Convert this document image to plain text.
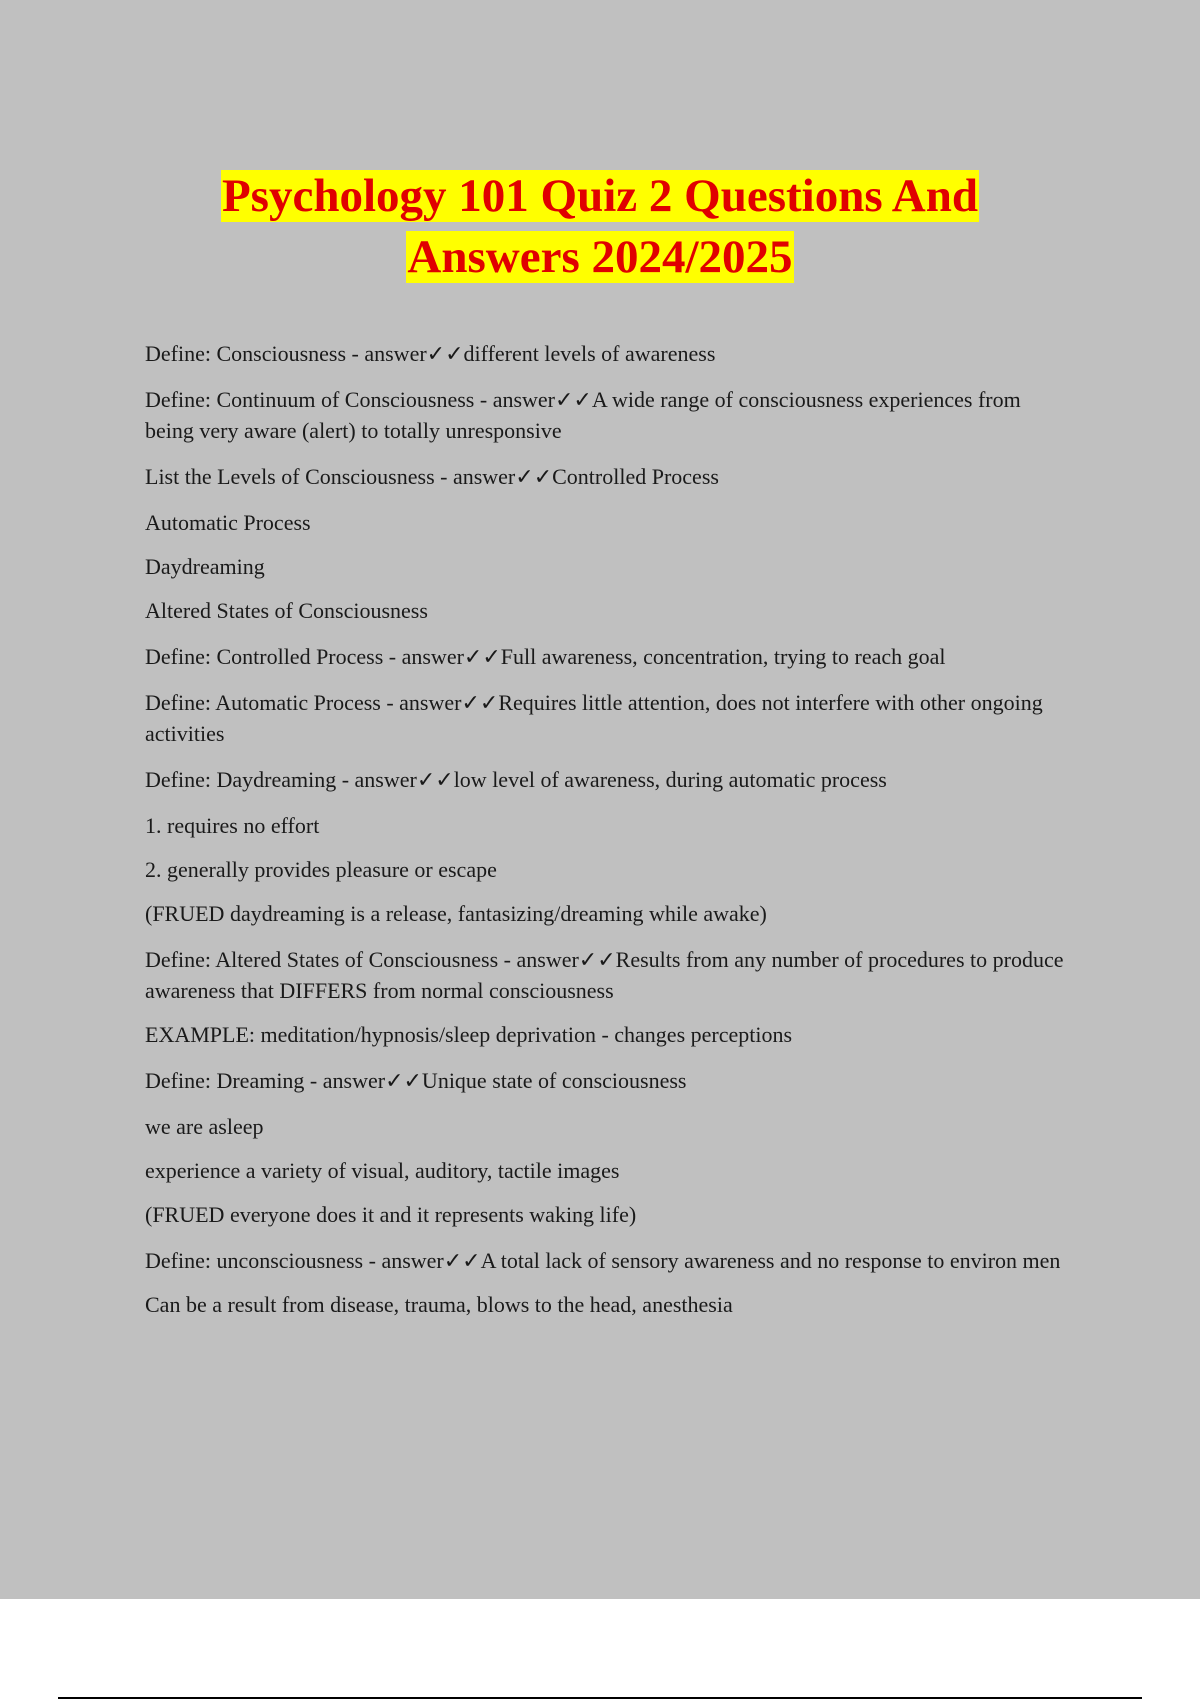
Psychology 101 Quiz 2 Questions And
Answers 2024/2025

Define: Consciousness - answer✓✓different levels of awareness

Define: Continuum of Consciousness - answer✓✓A wide range of consciousness experiences from being very aware (alert) to totally unresponsive

List the Levels of Consciousness - answer✓✓Controlled Process

Automatic Process

Daydreaming

Altered States of Consciousness

Define: Controlled Process - answer✓✓Full awareness, concentration, trying to reach goal

Define: Automatic Process - answer✓✓Requires little attention, does not interfere with other ongoing activities

Define: Daydreaming - answer✓✓low level of awareness, during automatic process

1. requires no effort

2. generally provides pleasure or escape

(FRUED daydreaming is a release, fantasizing/dreaming while awake)

Define: Altered States of Consciousness - answer✓✓Results from any number of procedures to produce awareness that DIFFERS from normal consciousness

EXAMPLE: meditation/hypnosis/sleep deprivation - changes perceptions

Define: Dreaming - answer✓✓Unique state of consciousness

we are asleep

experience a variety of visual, auditory, tactile images

(FRUED everyone does it and it represents waking life)

Define: unconsciousness - answer✓✓A total lack of sensory awareness and no response to environ men

Can be a result from disease, trauma, blows to the head, anesthesia
